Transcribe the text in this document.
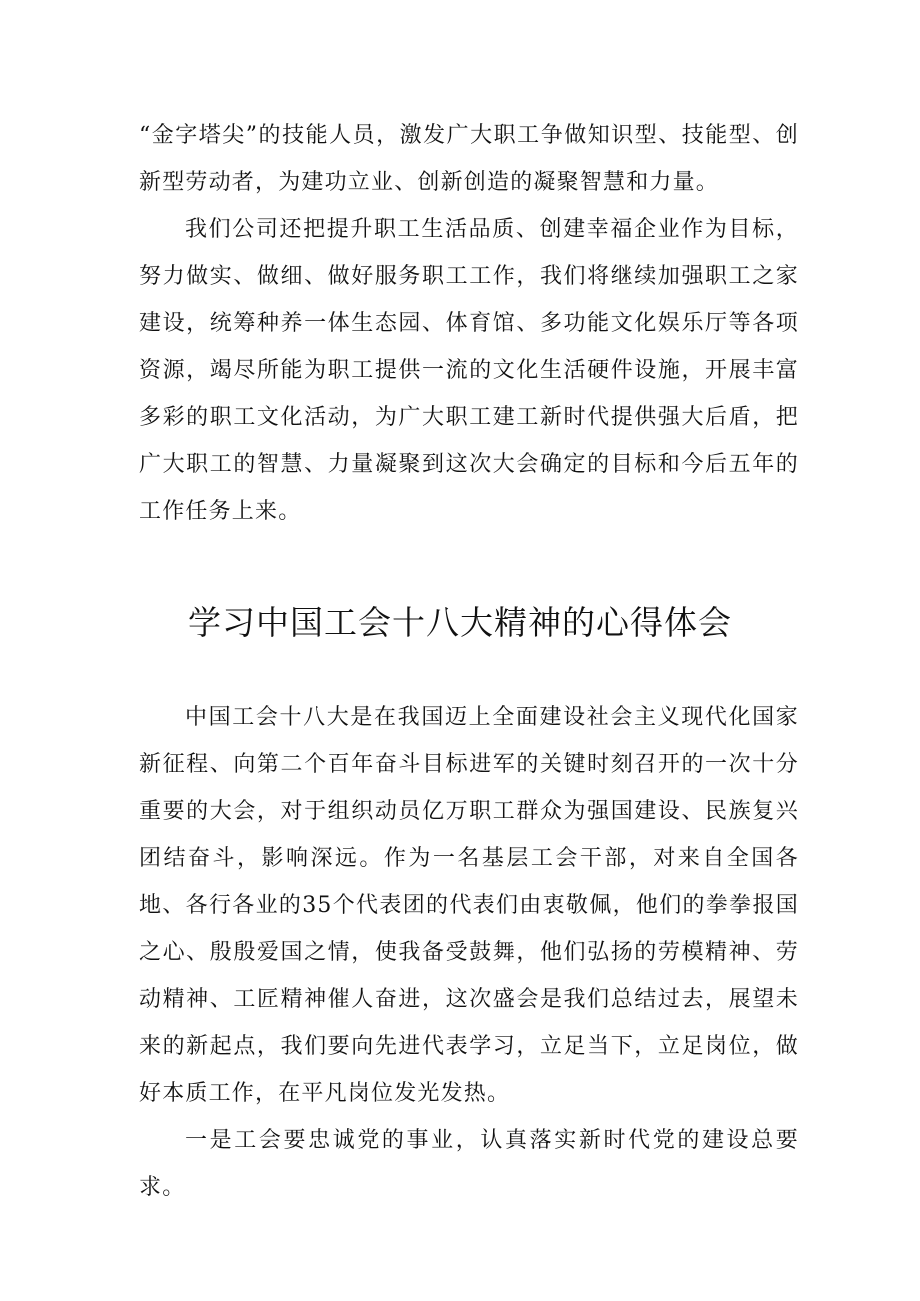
“金字塔尖”的技能人员，激发广大职工争做知识型、技能型、创新型劳动者，为建功立业、创新创造的凝聚智慧和力量。

我们公司还把提升职工生活品质、创建幸福企业作为目标，努力做实、做细、做好服务职工工作，我们将继续加强职工之家建设，统筹种养一体生态园、体育馆、多功能文化娱乐厅等各项资源，竭尽所能为职工提供一流的文化生活硬件设施，开展丰富多彩的职工文化活动，为广大职工建工新时代提供强大后盾，把广大职工的智慧、力量凝聚到这次大会确定的目标和今后五年的工作任务上来。

学习中国工会十八大精神的心得体会

中国工会十八大是在我国迈上全面建设社会主义现代化国家新征程、向第二个百年奋斗目标进军的关键时刻召开的一次十分重要的大会，对于组织动员亿万职工群众为强国建设、民族复兴团结奋斗，影响深远。作为一名基层工会干部，对来自全国各地、各行各业的35个代表团的代表们由衷敬佩，他们的拳拳报国之心、殷殷爱国之情，使我备受鼓舞，他们弘扬的劳模精神、劳动精神、工匠精神催人奋进，这次盛会是我们总结过去，展望未来的新起点，我们要向先进代表学习，立足当下，立足岗位，做好本质工作，在平凡岗位发光发热。

一是工会要忠诚党的事业，认真落实新时代党的建设总要求。
